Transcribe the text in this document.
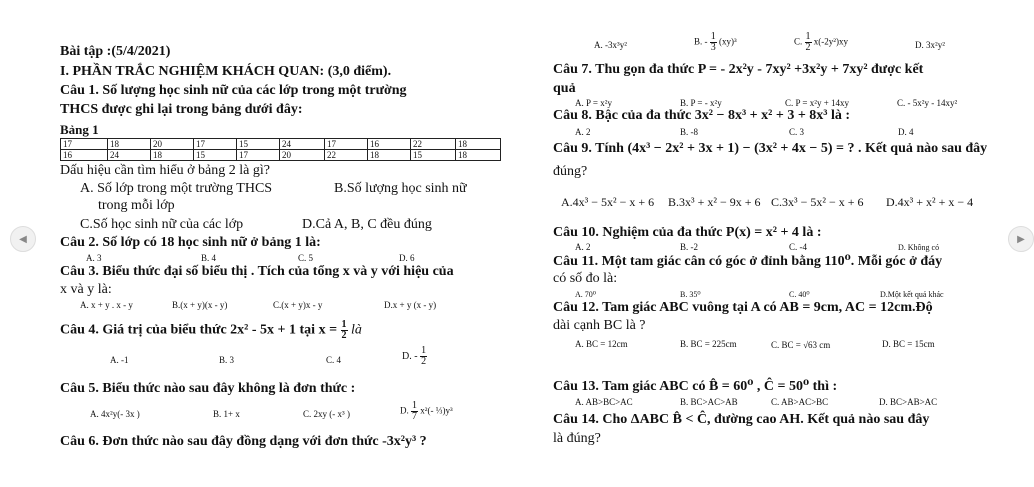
Bài tập :(5/4/2021)
I. PHẦN TRẮC NGHIỆM KHÁCH QUAN: (3,0 điểm).
Câu 1. Số lượng học sinh nữ của các lớp trong một trường
THCS được ghi lại trong bảng dưới đây:
Bảng 1
17	18	20	17	15	24	17	16	22	18
16	24	18	15	17	20	22	18	15	18
Dấu hiệu cần tìm hiểu ở bảng 2 là gì?
A. Số lớp trong một trường THCS	B.Số lượng học sinh nữ
trong mỗi lớp
C.Số học sinh nữ của các lớp	D.Cả A, B, C đều đúng
Câu 2. Số lớp có 18 học sinh nữ ở bảng 1 là:
A. 3	B. 4	C. 5	D. 6
Câu 3. Biểu thức đại số biểu thị . Tích của tổng x và y với hiệu của
x và y là:
A. x + y . x - y	B.(x + y)(x - y)	C.(x + y)x - y	D.x + y (x - y)
Câu 4. Giá trị của biểu thức 2x² - 5x + 1 tại $x = \frac{1}{2}$ là
A. -1	B. 3	C. 4	D. - $\frac{1}{2}$
Câu 5. Biểu thức nào sau đây không là đơn thức :
A. 4x²y(- 3x )	B. 1+ x	C. 2xy (- x³ )	D. $\frac{1}{7} x^2(-$ ⅓)y³
Câu 6. Đơn thức nào sau đây đồng dạng với đơn thức -3x²y³ ?
A. -3x³y²	B. - $\frac{1}{3} (xy)^3$	C. $\frac{1}{2} x(-2y^2)xy$	D. 3x²y²
Câu 7. Thu gọn đa thức P = - 2x²y - 7xy² +3x²y + 7xy² được kết
quả
A. P = x²y	B. P = - x²y	C. P = x²y + 14xy	C. - 5x²y - 14xy²
Câu 8. Bậc của đa thức 3x² − 8x³ + x² + 3 + 8x³ là :
A. 2	B. -8	C. 3	D. 4
Câu 9. Tính (4x³ − 2x² + 3x + 1) − (3x² + 4x − 5) = ? . Kết quả nào sau đây
đúng?
A.4x³ − 5x² − x + 6 B.3x³ + x² − 9x + 6 C.3x³ − 5x² − x + 6 D.4x³ + x² + x − 4
Câu 10. Nghiệm của đa thức P(x) = x² + 4 là :
A. 2	B. -2	C. -4	D. Không có
Câu 11. Một tam giác cân có góc ở đỉnh bằng 110⁰. Mỗi góc ở đáy
có số đo là:
A. 70⁰	B. 35⁰	C. 40⁰	D.Một kết quả khác
Câu 12. Tam giác ABC vuông tại A có AB = 9cm, AC = 12cm.Độ
dài cạnh BC là ?
A. BC = 12cm	B. BC = 225cm	C. BC = √63 cm	D. BC = 15cm
Câu 13. Tam giác ABC có B̂ = 60⁰ , Ĉ = 50⁰ thì :
A. AB>BC>AC	B. BC>AC>AB	C. AB>AC>BC	D. BC>AB>AC
Câu 14. Cho ΔABC B̂ < Ĉ, đường cao AH. Kết quả nào sau đây
là đúng?
◀	▶
